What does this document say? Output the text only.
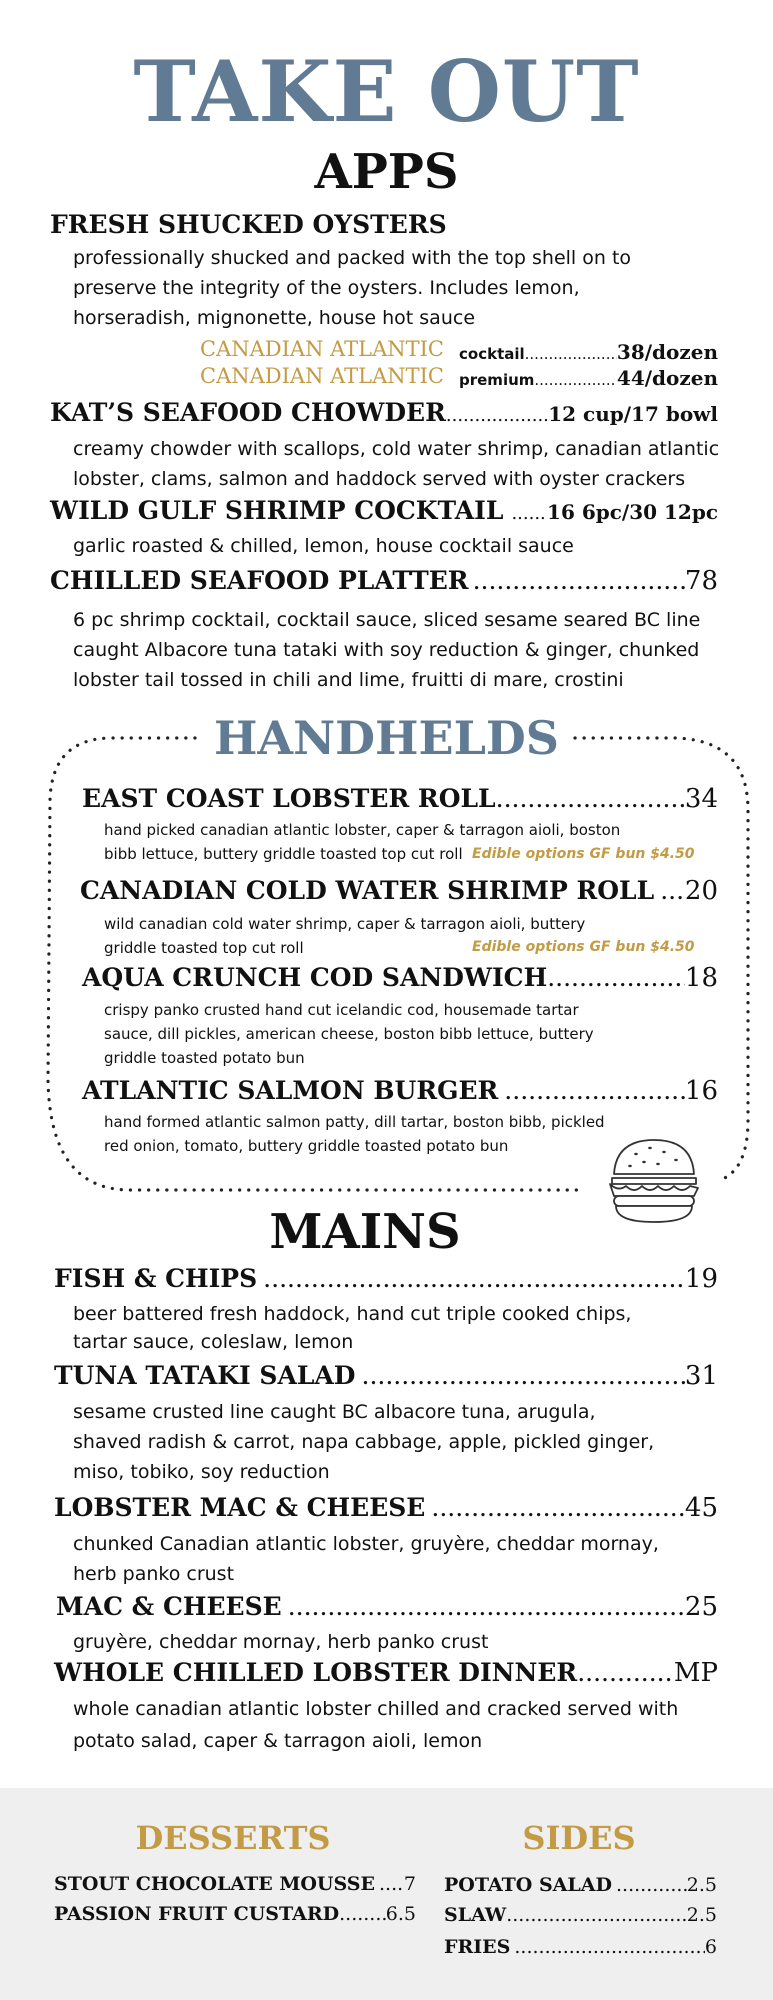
TAKE OUT
APPS
FRESH SHUCKED OYSTERS
professionally shucked and packed with the top shell on to
preserve the integrity of the oysters. Includes lemon,
horseradish, mignonette, house hot sauce
CANADIAN ATLANTIC cocktail .....	38/dozen
CANADIAN ATLANTIC premium .....	44/dozen
KAT’S SEAFOOD CHOWDER .....	12 cup/17 bowl
creamy chowder with scallops, cold water shrimp, canadian atlantic
lobster, clams, salmon and haddock served with oyster crackers
WILD GULF SHRIMP COCKTAIL ..... 16 6pc/30 12pc
garlic roasted & chilled, lemon, house cocktail sauce
CHILLED SEAFOOD PLATTER .....	78
6 pc shrimp cocktail, cocktail sauce, sliced sesame seared BC line
caught Albacore tuna tataki with soy reduction & ginger, chunked
lobster tail tossed in chili and lime, fruitti di mare, crostini
HANDHELDS
EAST COAST LOBSTER ROLL .....	34
hand picked canadian atlantic lobster, caper & tarragon aioli, boston
bibb lettuce, buttery griddle toasted top cut roll Edible options GF bun $4.50
CANADIAN COLD WATER SHRIMP ROLL ..... 20
wild canadian cold water shrimp, caper & tarragon aioli, buttery
griddle toasted top cut roll	Edible options GF bun $4.50
AQUA CRUNCH COD SANDWICH .....	18
crispy panko crusted hand cut icelandic cod, housemade tartar
sauce, dill pickles, american cheese, boston bibb lettuce, buttery
griddle toasted potato bun
ATLANTIC SALMON BURGER .....	16
hand formed atlantic salmon patty, dill tartar, boston bibb, pickled
red onion, tomato, buttery griddle toasted potato bun
MAINS
FISH & CHIPS .....	19
beer battered fresh haddock, hand cut triple cooked chips,
tartar sauce, coleslaw, lemon
TUNA TATAKI SALAD .....	31
sesame crusted line caught BC albacore tuna, arugula,
shaved radish & carrot, napa cabbage, apple, pickled ginger,
miso, tobiko, soy reduction
LOBSTER MAC & CHEESE .....	45
chunked Canadian atlantic lobster, gruyère, cheddar mornay,
herb panko crust
MAC & CHEESE .....	25
gruyère, cheddar mornay, herb panko crust
WHOLE CHILLED LOBSTER DINNER .....	MP
whole canadian atlantic lobster chilled and cracked served with
potato salad, caper & tarragon aioli, lemon
DESSERTS
STOUT CHOCOLATE MOUSSE ..... 7
PASSION FRUIT CUSTARD ..... 6.5
SIDES
POTATO SALAD .....	2.5
SLAW .....	2.5
FRIES .....	6
